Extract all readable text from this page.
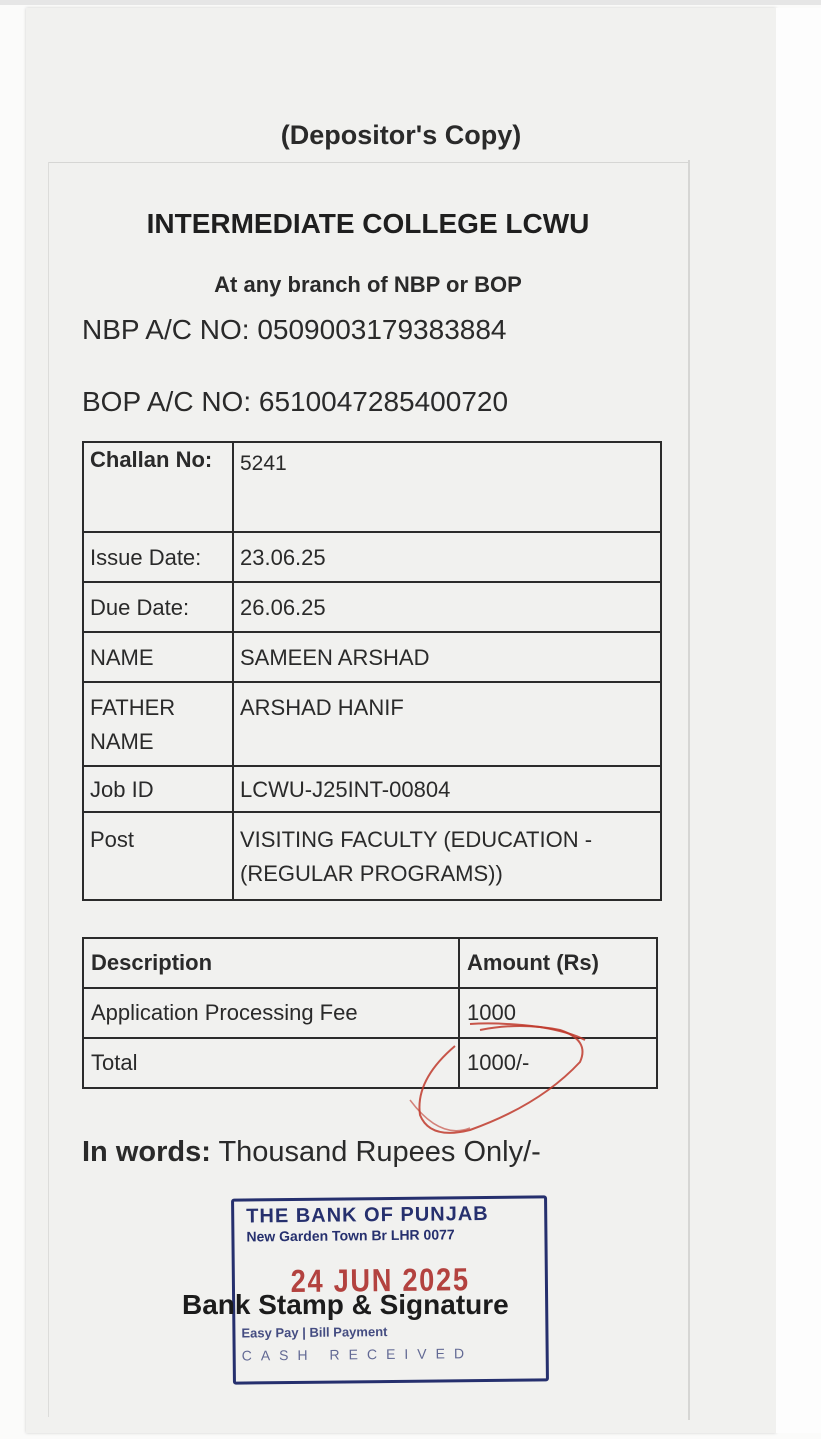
(Depositor's Copy)
INTERMEDIATE COLLEGE LCWU
At any branch of NBP or BOP
NBP A/C NO: 0509003179383884
BOP A/C NO: 6510047285400720
Challan No:	5241
Issue Date:	23.06.25
Due Date:	26.06.25
NAME	SAMEEN ARSHAD
FATHER NAME	ARSHAD HANIF
Job ID	LCWU-J25INT-00804
Post	VISITING FACULTY (EDUCATION - (REGULAR PROGRAMS))
Description	Amount (Rs)
Application Processing Fee	1000
Total	1000/-
In words: Thousand Rupees Only/-
THE BANK OF PUNJAB
New Garden Town Br LHR 0077
24 JUN 2025
Easy Pay | Bill Payment
CASH RECEIVED
Bank Stamp & Signature
